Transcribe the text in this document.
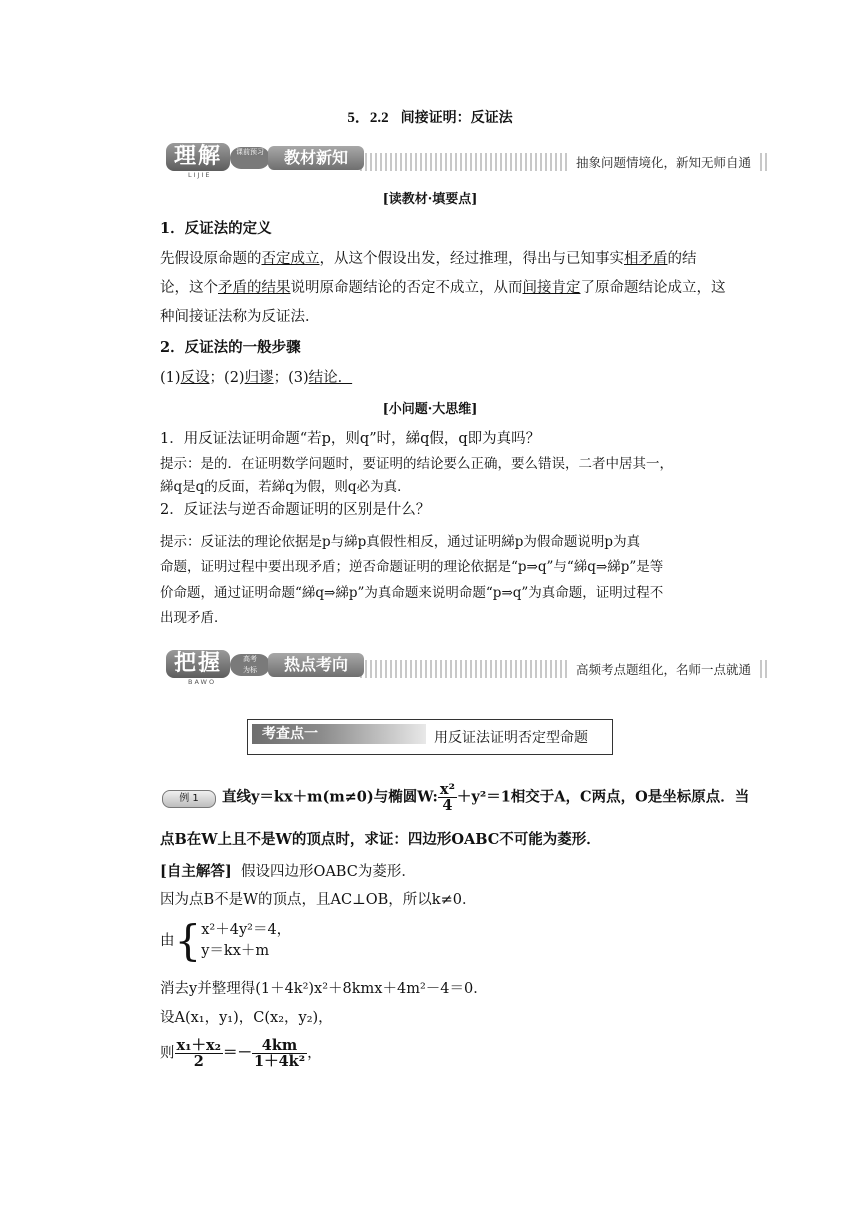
5．2.2 间接证明：反证法
理解	课前预习	教材新知
LIJIE
抽象问题情境化，新知无师自通
[读教材·填要点]
1．反证法的定义
先假设原命题的否定成立，从这个假设出发，经过推理，得出与已知事实相矛盾的结
论，这个矛盾的结果说明原命题结论的否定不成立，从而间接肯定了原命题结论成立，这
种间接证法称为反证法．
2．反证法的一般步骤
(1)反设；(2)归谬；(3)结论．
[小问题·大思维]
1．用反证法证明命题“若p，则q”时，綈q假，q即为真吗？
提示：是的．在证明数学问题时，要证明的结论要么正确，要么错误，二者中居其一，
綈q是q的反面，若綈q为假，则q必为真．
2．反证法与逆否命题证明的区别是什么？
提示：反证法的理论依据是p与綈p真假性相反，通过证明綈p为假命题说明p为真
命题，证明过程中要出现矛盾；逆否命题证明的理论依据是“p⇒q”与“綈q⇒綈p”是等
价命题，通过证明命题“綈q⇒綈p”为真命题来说明命题“p⇒q”为真命题，证明过程不
出现矛盾．
把握	高考
为标	热点考向
BAWO
高频考点题组化，名师一点就通
考查点一	用反证法证明否定型命题
例 1	直线y＝kx＋m(m≠0)与椭圆W: $\frac{\text{x²}}{4} +y^2=1$相交于A，C两点，O是坐标原点．当
点B在W上且不是W的顶点时，求证：四边形OABC不可能为菱形．
[自主解答] 假设四边形OABC为菱形．
因为点B不是W的顶点，且AC⊥OB，所以k≠0．
由{x²＋4y²＝4，
y＝kx＋m
消去y并整理得(1＋4k²)x²＋8kmx＋4m²－4＝0．
设A(x₁，y₁)，C(x₂，y₂)，
则 $\frac{\text{x₁＋x₂}}{2} =- \frac{4km}{\text{1＋4k²}}$ ，
